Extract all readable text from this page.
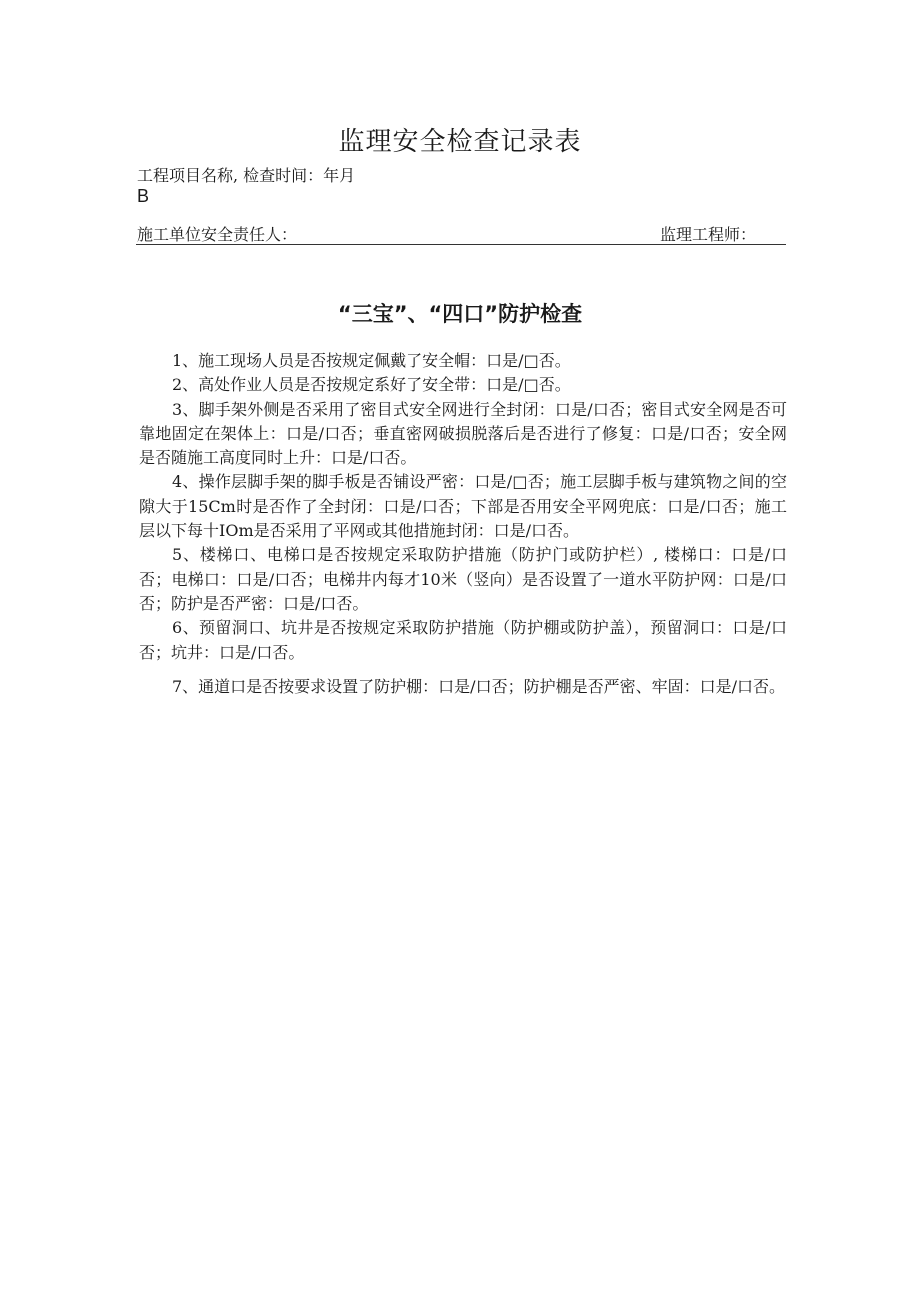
监理安全检查记录表
工程项目名称, 检查时间：年月
B
施工单位安全责任人：	监理工程师：
“三宝”、“四口”防护检查

1、施工现场人员是否按规定佩戴了安全帽：口是/□否。

2、高处作业人员是否按规定系好了安全带：口是/□否。

3、脚手架外侧是否采用了密目式安全网进行全封闭：口是/口否；密目式安全网是否可靠地固定在架体上：口是/口否；垂直密网破损脱落后是否进行了修复：口是/口否；安全网是否随施工高度同时上升：口是/口否。

4、操作层脚手架的脚手板是否铺设严密：口是/□否；施工层脚手板与建筑物之间的空隙大于15Cm时是否作了全封闭：口是/口否；下部是否用安全平网兜底：口是/口否；施工层以下每十IOm是否采用了平网或其他措施封闭：口是/口否。

5、楼梯口、电梯口是否按规定采取防护措施（防护门或防护栏）, 楼梯口：口是/口否；电梯口：口是/口否；电梯井内每才10米（竖向）是否设置了一道水平防护网：口是/口否；防护是否严密：口是/口否。

6、预留洞口、坑井是否按规定采取防护措施（防护棚或防护盖），预留洞口：口是/口否；坑井：口是/口否。

7、通道口是否按要求设置了防护棚：口是/口否；防护棚是否严密、牢固：口是/口否。
